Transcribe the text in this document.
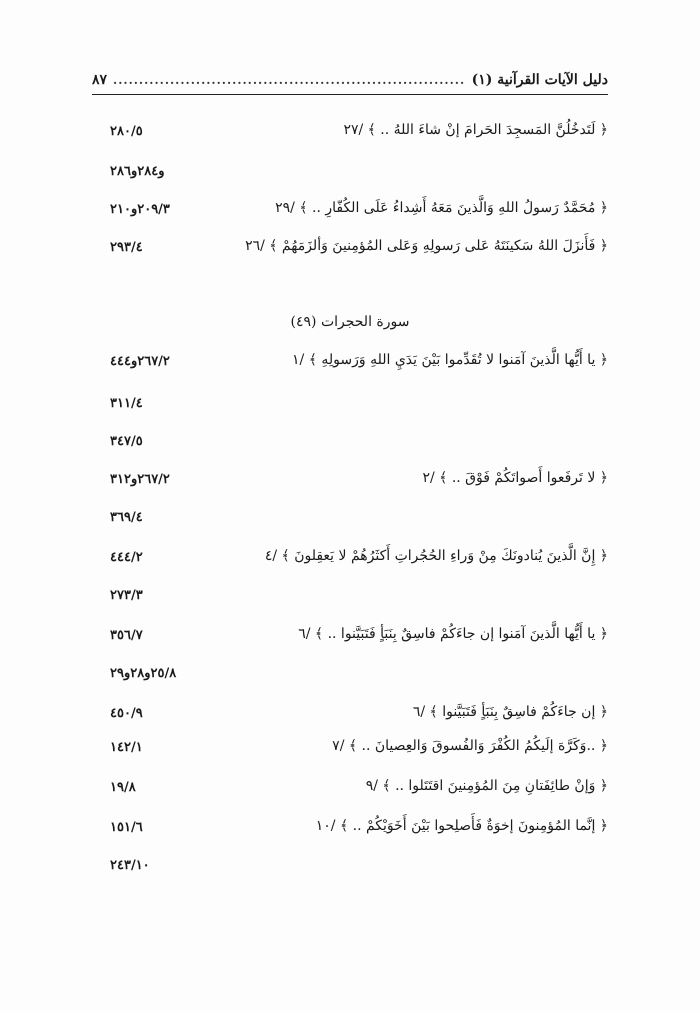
٨٧
.....	دليل الآيات القرآنية (١)
﴿ لَتَدخُلُنَّ المَسجِدَ الحَرامَ إنْ شاءَ اللهُ .. ﴾ /٢٧
٢٨٠/٥
و٢٨٤و٢٨٦
﴿ مُحَمَّدٌ رَسولُ اللهِ وَالَّذينَ مَعَهُ أَشِداءُ عَلَى الكُفّارِ .. ﴾ /٢٩
٢٠٩/٣و٢١٠
﴿ فَأَنزَلَ اللهُ سَكينَتَهُ عَلى رَسولِهِ وَعَلى المُؤمِنينَ وَألزَمَهُمْ ﴾ /٢٦
٢٩٣/٤
سورة الحجرات (٤٩)
﴿ يا أَيُّها الَّذينَ آمَنوا لا تُقَدِّموا بَيْنَ يَدَيِ اللهِ وَرَسولِهِ ﴾ /١
٢٦٧/٢و٤٤٤
٣١١/٤
٣٤٧/٥
﴿ لا تَرفَعوا أَصواتَكُمْ فَوْقَ .. ﴾ /٢
٢٦٧/٢و٣١٢
٣٦٩/٤
﴿ إِنَّ الَّذينَ يُنادونَكَ مِنْ وَراءِ الحُجُراتِ أَكثَرُهُمْ لا يَعقِلونَ ﴾ /٤
٤٤٤/٢
٢٧٣/٣
﴿ يا أَيُّها الَّذينَ آمَنوا إن جاءَكُمْ فاسِقٌ بِنَبَأٍ فَتَبَيَّنوا .. ﴾ /٦
٣٥٦/٧
٢٥/٨و٢٨و٢٩
﴿ إن جاءَكُمْ فاسِقٌ بِنَبَأٍ فَتَبَيَّنوا ﴾ /٦
٤٥٠/٩
﴿ ..وَكَرَّهَ إلَيكُمُ الكُفْرَ وَالفُسوقَ وَالعِصيانَ .. ﴾ /٧
١٤٢/١
﴿ وَإنْ طائِفَتانِ مِنَ المُؤمِنينَ اقتَتَلوا .. ﴾ /٩
١٩/٨
﴿ إنَّما المُؤمِنونَ إخوَةٌ فَأَصلِحوا بَيْنَ أَخَوَيْكُمْ .. ﴾ /١٠
١٥١/٦
٢٤٣/١٠
